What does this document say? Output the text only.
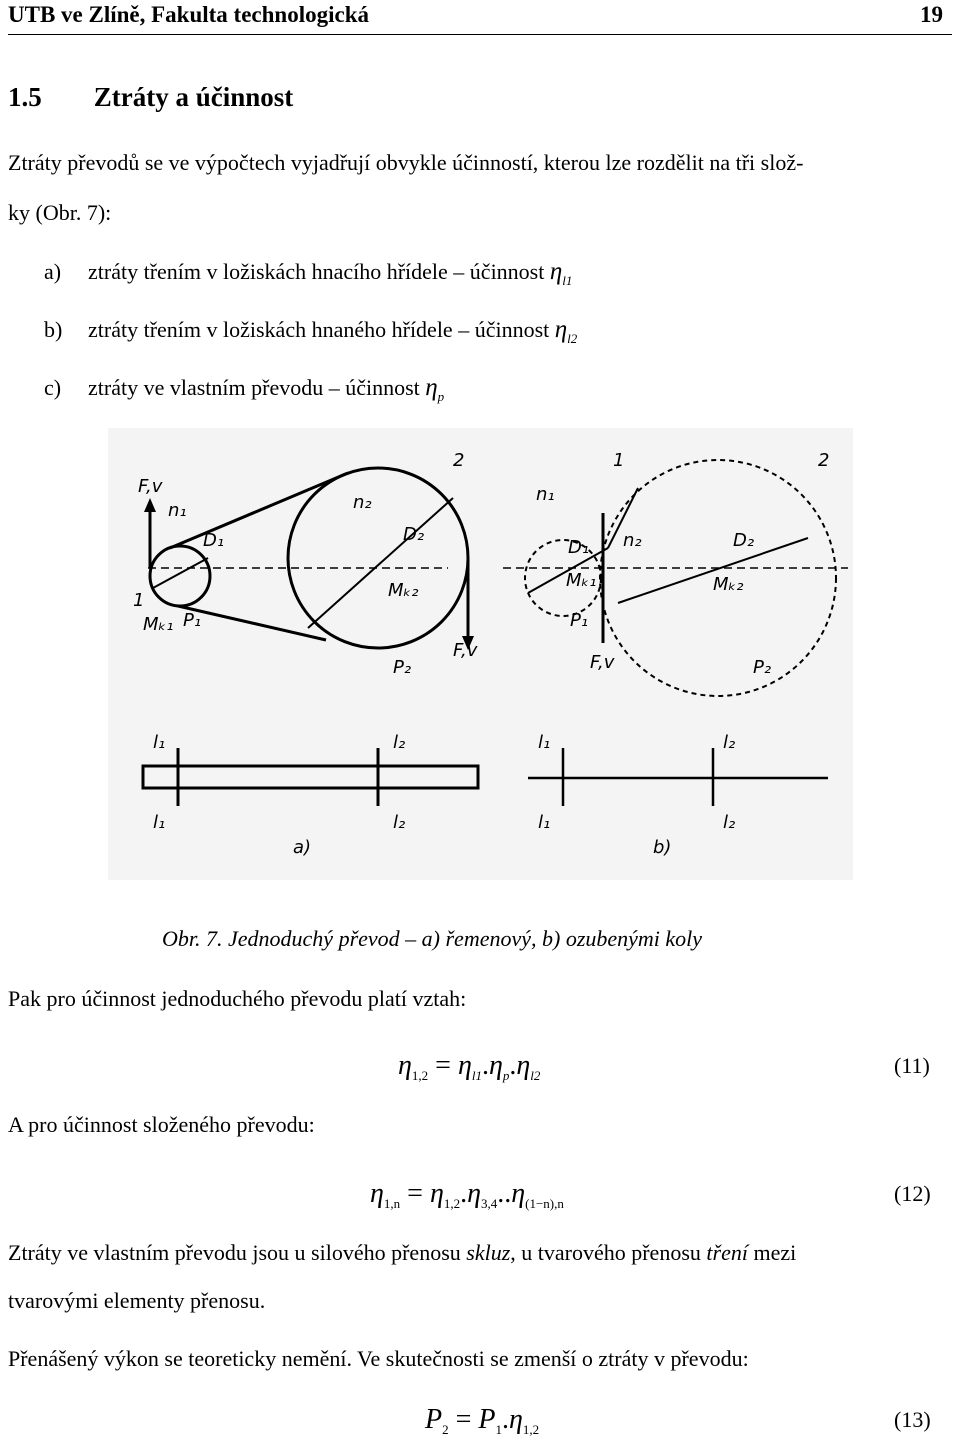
UTB ve Zlíně, Fakulta technologická	19
1.5 Ztráty a účinnost
Ztráty převodů se ve výpočtech vyjadřují obvykle účinností, kterou lze rozdělit na tři slož-
ky (Obr. 7):
a) ztráty třením v ložiskách hnacího hřídele – účinnost $\eta_{l1}$
b) ztráty třením v ložiskách hnaného hřídele – účinnost $\eta_{l2}$
c) ztráty ve vlastním převodu – účinnost $\eta_p$
F,v
n₁
D₁
n₂
D₂
2
1
Mₖ₁ P₁
Mₖ₂
F,v
P₂
n₁
1	2
D₁ n₂	D₂
Mₖ₁	Mₖ₂
P₁
F,v	P₂
l₁	l₂
l₁	l₂
l₁	l₂
l₁	l₂
a)	b)
Obr. 7. Jednoduchý převod – a) řemenový, b) ozubenými koly
Pak pro účinnost jednoduchého převodu platí vztah:
$\eta_{1,2} = \eta_{l1}.\eta_p.\eta_{l2}$	(11)
A pro účinnost složeného převodu:
$\eta_{1,n} = \eta_{1,2}.\eta_{3,4}..\eta_{(1-n),n}$	(12)
Ztráty ve vlastním převodu jsou u silového přenosu skluz, u tvarového přenosu tření mezi
tvarovými elementy přenosu.
Přenášený výkon se teoreticky nemění. Ve skutečnosti se zmenší o ztráty v převodu:
$P_2 = P_1.\eta_{1,2}$	(13)
